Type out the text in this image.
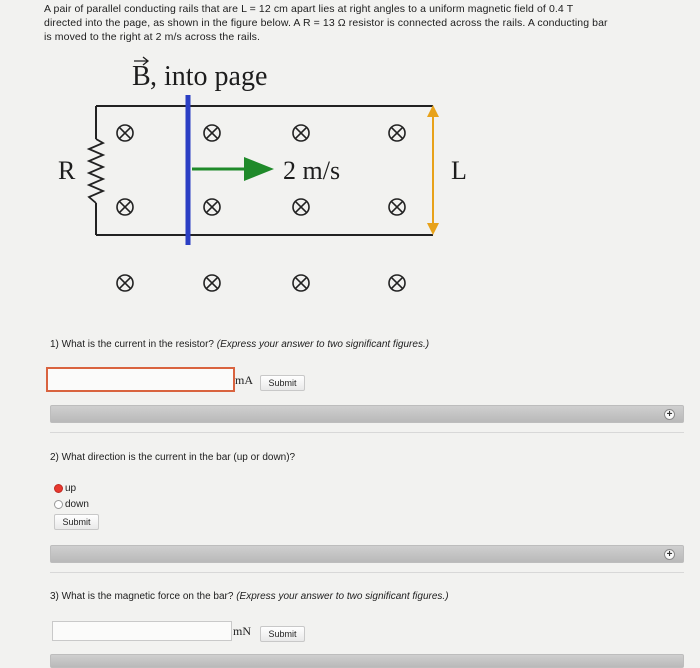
A pair of parallel conducting rails that are L = 12 cm apart lies at right angles to a uniform magnetic field of 0.4 T
directed into the page, as shown in the figure below. A R = 13 Ω resistor is connected across the rails. A conducting bar
is moved to the right at 2 m/s across the rails.
B , into page
R	2 m/s	L
1) What is the current in the resistor? (Express your answer to two significant figures.)
mA	Submit
+
2) What direction is the current in the bar (up or down)?
up
down
Submit
+
3) What is the magnetic force on the bar? (Express your answer to two significant figures.)
mN	Submit
